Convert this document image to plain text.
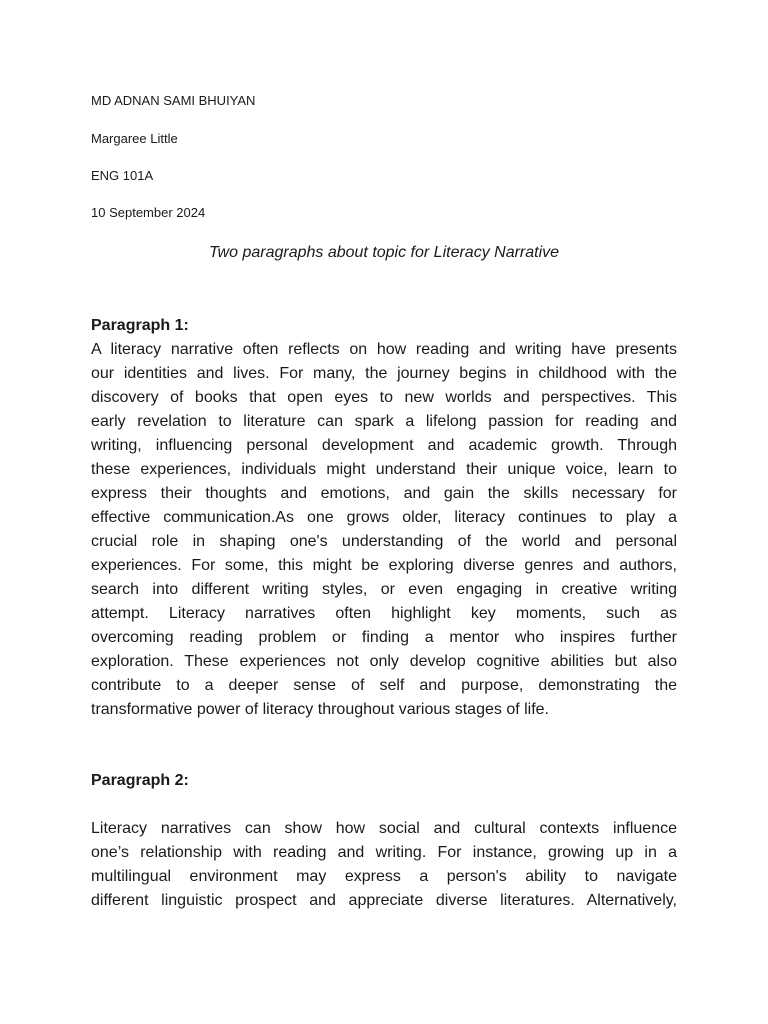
MD ADNAN SAMI BHUIYAN
Margaree Little
ENG 101A
10 September 2024
Two paragraphs about topic for Literacy Narrative
Paragraph 1:
A literacy narrative often reflects on how reading and writing have presents
our identities and lives. For many, the journey begins in childhood with the
discovery of books that open eyes to new worlds and perspectives. This
early revelation to literature can spark a lifelong passion for reading and
writing, influencing personal development and academic growth. Through
these experiences, individuals might understand their unique voice, learn to
express their thoughts and emotions, and gain the skills necessary for
effective communication.As one grows older, literacy continues to play a
crucial role in shaping one's understanding of the world and personal
experiences. For some, this might be exploring diverse genres and authors,
search into different writing styles, or even engaging in creative writing
attempt. Literacy narratives often highlight key moments, such as
overcoming reading problem or finding a mentor who inspires further
exploration. These experiences not only develop cognitive abilities but also
contribute to a deeper sense of self and purpose, demonstrating the
transformative power of literacy throughout various stages of life.
Paragraph 2:
Literacy narratives can show how social and cultural contexts influence
one’s relationship with reading and writing. For instance, growing up in a
multilingual environment may express a person's ability to navigate
different linguistic prospect and appreciate diverse literatures. Alternatively,
